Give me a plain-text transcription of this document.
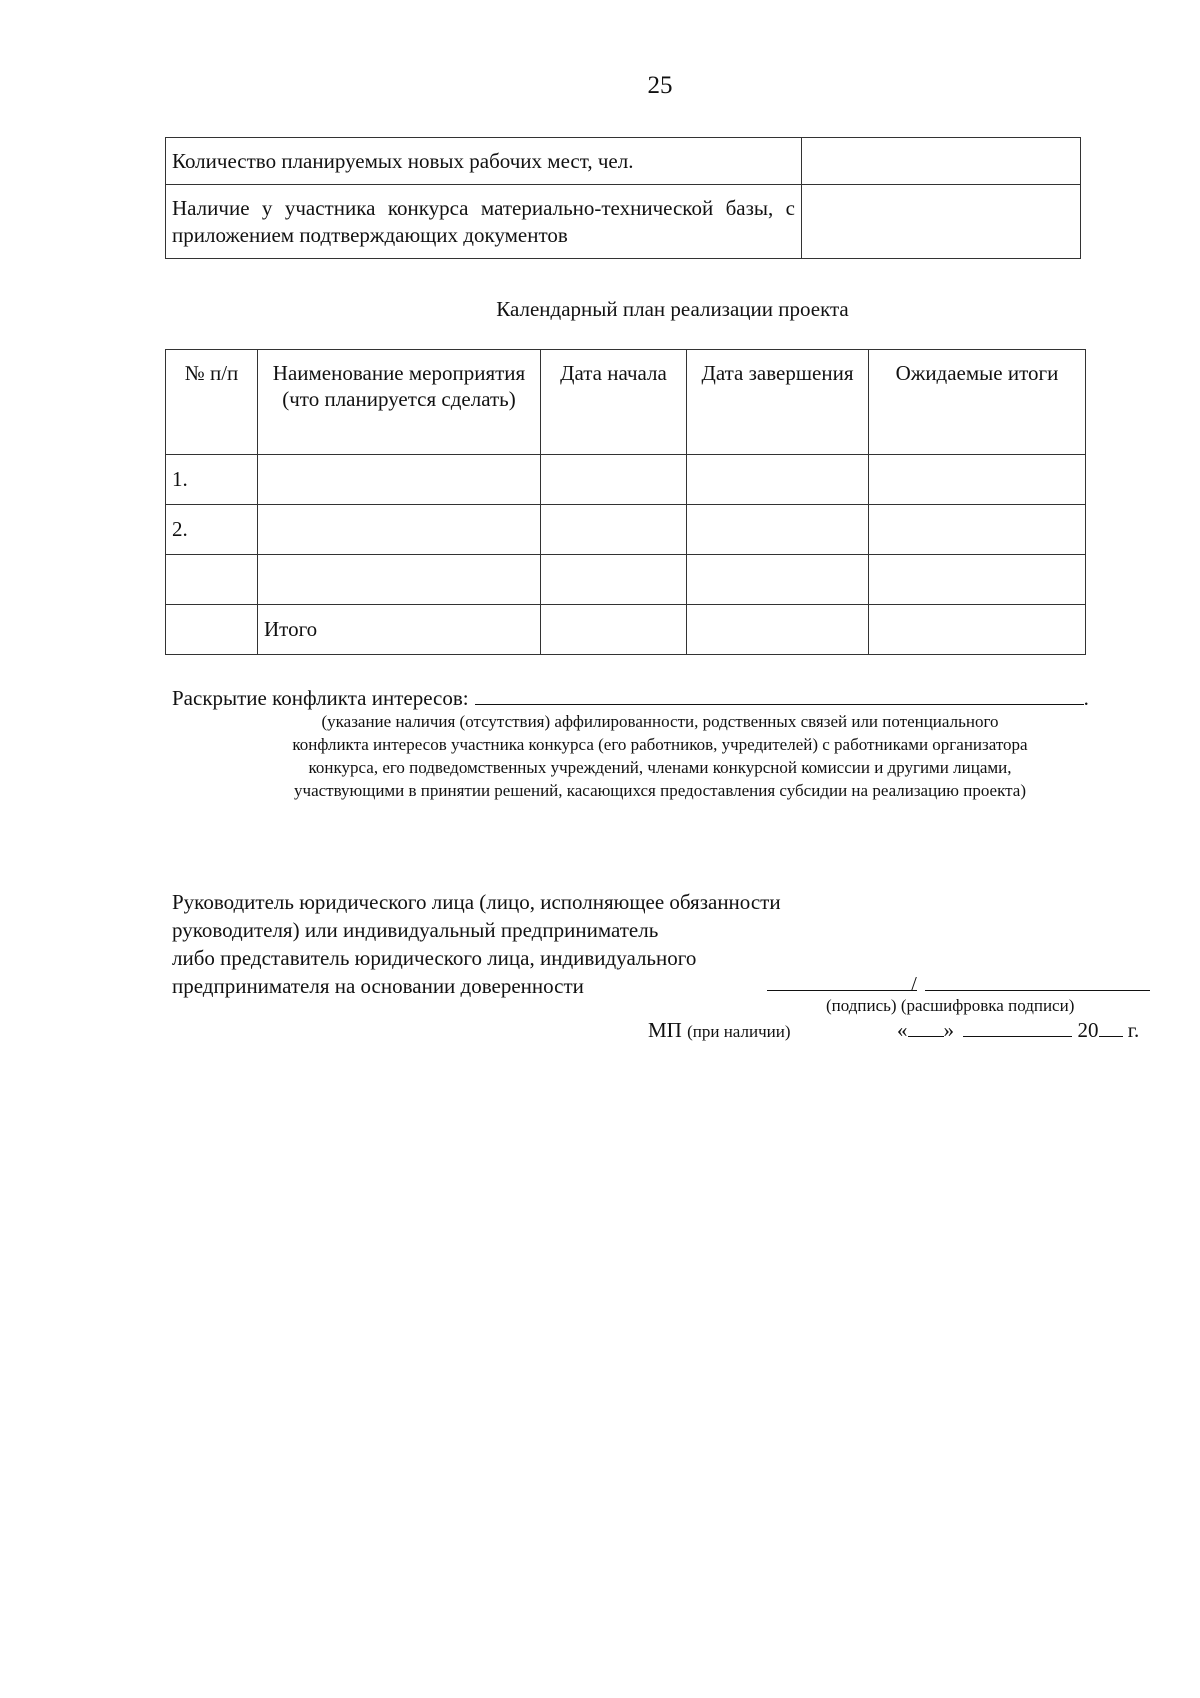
25
Количество планируемых новых рабочих мест, чел.	
Наличие у участника конкурса материально-технической базы, с приложением подтверждающих документов	
Календарный план реализации проекта
№ п/п	Наименование мероприятия (что планируется сделать)	Дата начала	Дата завершения	Ожидаемые итоги
1.				
2.				

	Итого			
Раскрытие конфликта интересов:	.
(указание наличия (отсутствия) аффилированности, родственных связей или потенциального конфликта интересов участника конкурса (его работников, учредителей) с работниками организатора конкурса, его подведомственных учреждений, членами конкурсной комиссии и другими лицами, участвующими в принятии решений, касающихся предоставления субсидии на реализацию проекта)
Руководитель юридического лица (лицо, исполняющее обязанности
руководителя) или индивидуальный предприниматель
либо представитель юридического лица, индивидуального
предпринимателя на основании доверенности	/
(подпись) (расшифровка подписи)
МП (при наличии)	« »	20 г.
